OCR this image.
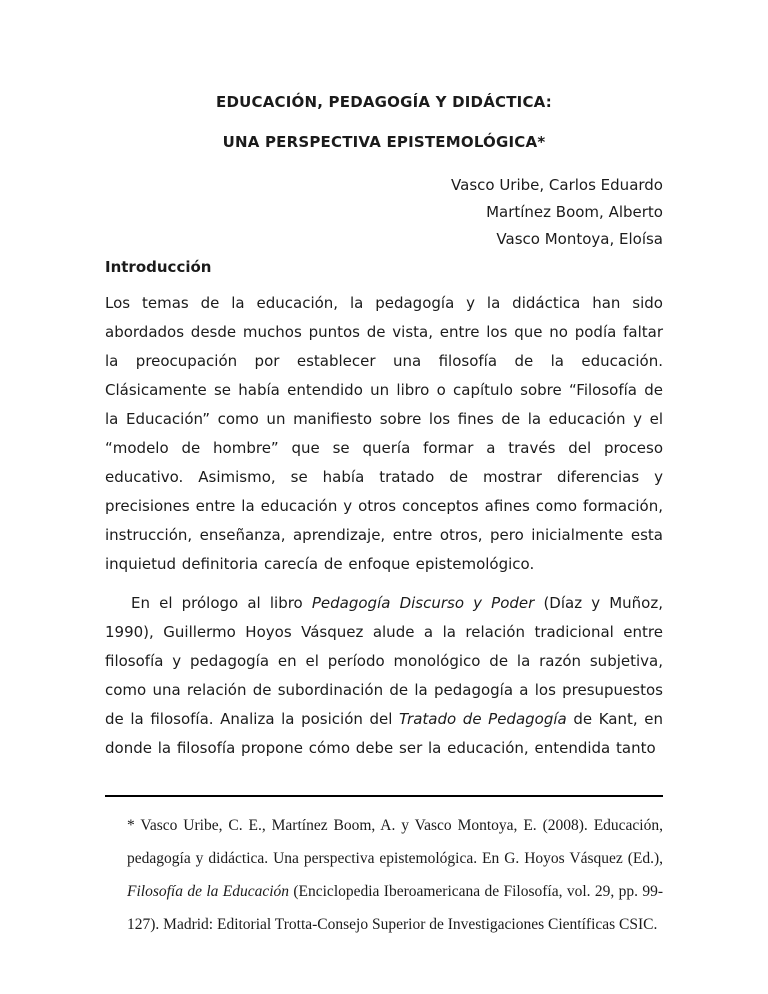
EDUCACIÓN, PEDAGOGÍA Y DIDÁCTICA:
UNA PERSPECTIVA EPISTEMOLÓGICA*
Vasco Uribe, Carlos Eduardo
Martínez Boom, Alberto
Vasco Montoya, Eloísa
Introducción

Los temas de la educación, la pedagogía y la didáctica han sido abordados desde muchos puntos de vista, entre los que no podía faltar la preocupación por establecer una filosofía de la educación. Clásicamente se había entendido un libro o capítulo sobre “Filosofía de la Educación” como un manifiesto sobre los fines de la educación y el “modelo de hombre” que se quería formar a través del proceso educativo. Asimismo, se había tratado de mostrar diferencias y precisiones entre la educación y otros conceptos afines como formación, instrucción, enseñanza, aprendizaje, entre otros, pero inicialmente esta inquietud definitoria carecía de enfoque epistemológico.

En el prólogo al libro Pedagogía Discurso y Poder (Díaz y Muñoz, 1990), Guillermo Hoyos Vásquez alude a la relación tradicional entre filosofía y pedagogía en el período monológico de la razón subjetiva, como una relación de subordinación de la pedagogía a los presupuestos de la filosofía. Analiza la posición del Tratado de Pedagogía de Kant, en donde la filosofía propone cómo debe ser la educación, entendida tanto

* Vasco Uribe, C. E., Martínez Boom, A. y Vasco Montoya, E. (2008). Educación, pedagogía y didáctica. Una perspectiva epistemológica. En G. Hoyos Vásquez (Ed.), Filosofía de la Educación (Enciclopedia Iberoamericana de Filosofía, vol. 29, pp. 99-127). Madrid: Editorial Trotta-Consejo Superior de Investigaciones Científicas CSIC.
